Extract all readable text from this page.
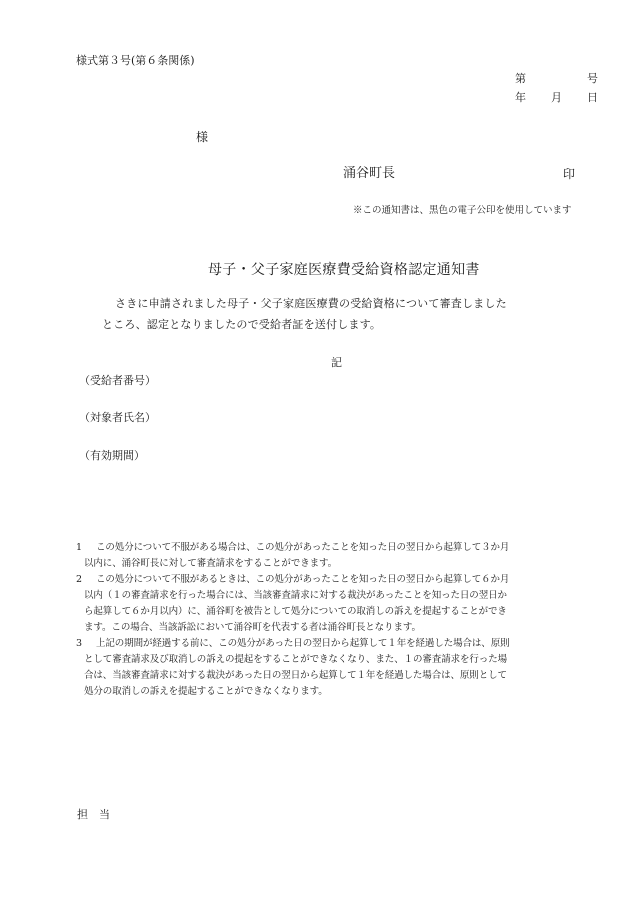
様式第３号(第６条関係)
第	号
年 月 日
様
涌谷町長	印
※この通知書は、黒色の電子公印を使用しています
母子・父子家庭医療費受給資格認定通知書
さきに申請されました母子・父子家庭医療費の受給資格について審査しました
ところ、認定となりましたので受給者証を送付します。
記
（受給者番号）
（対象者氏名）
（有効期間）
1 この処分について不服がある場合は、この処分があったことを知った日の翌日から起算して３か月
以内に、涌谷町長に対して審査請求をすることができます。
2 この処分について不服があるときは、この処分があったことを知った日の翌日から起算して６か月
以内（１の審査請求を行った場合には、当該審査請求に対する裁決があったことを知った日の翌日か
ら起算して６か月以内）に、涌谷町を被告として処分についての取消しの訴えを提起することができ
ます。この場合、当該訴訟において涌谷町を代表する者は涌谷町長となります。
3 上記の期間が経過する前に、この処分があった日の翌日から起算して１年を経過した場合は、原則
として審査請求及び取消しの訴えの提起をすることができなくなり、また、１の審査請求を行った場
合は、当該審査請求に対する裁決があった日の翌日から起算して１年を経過した場合は、原則として
処分の取消しの訴えを提起することができなくなります。
担　当
